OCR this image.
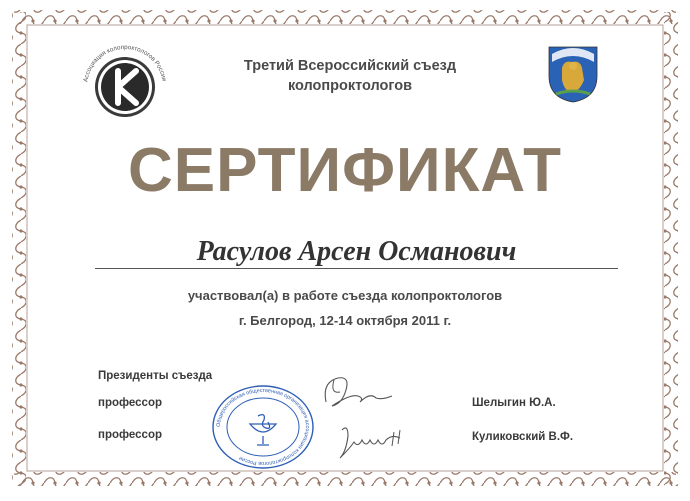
Ассоциация колопроктологов России
Третий Всероссийский съезд
колопроктологов
СЕРТИФИКАТ
Расулов Арсен Османович
участвовал(а) в работе съезда колопроктологов
г. Белгород, 12-14 октября 2011 г.
Президенты съезда
профессор
профессор
Шелыгин Ю.А.
Куликовский В.Ф.
Общероссийская общественная организация ассоциация колопроктологов России
